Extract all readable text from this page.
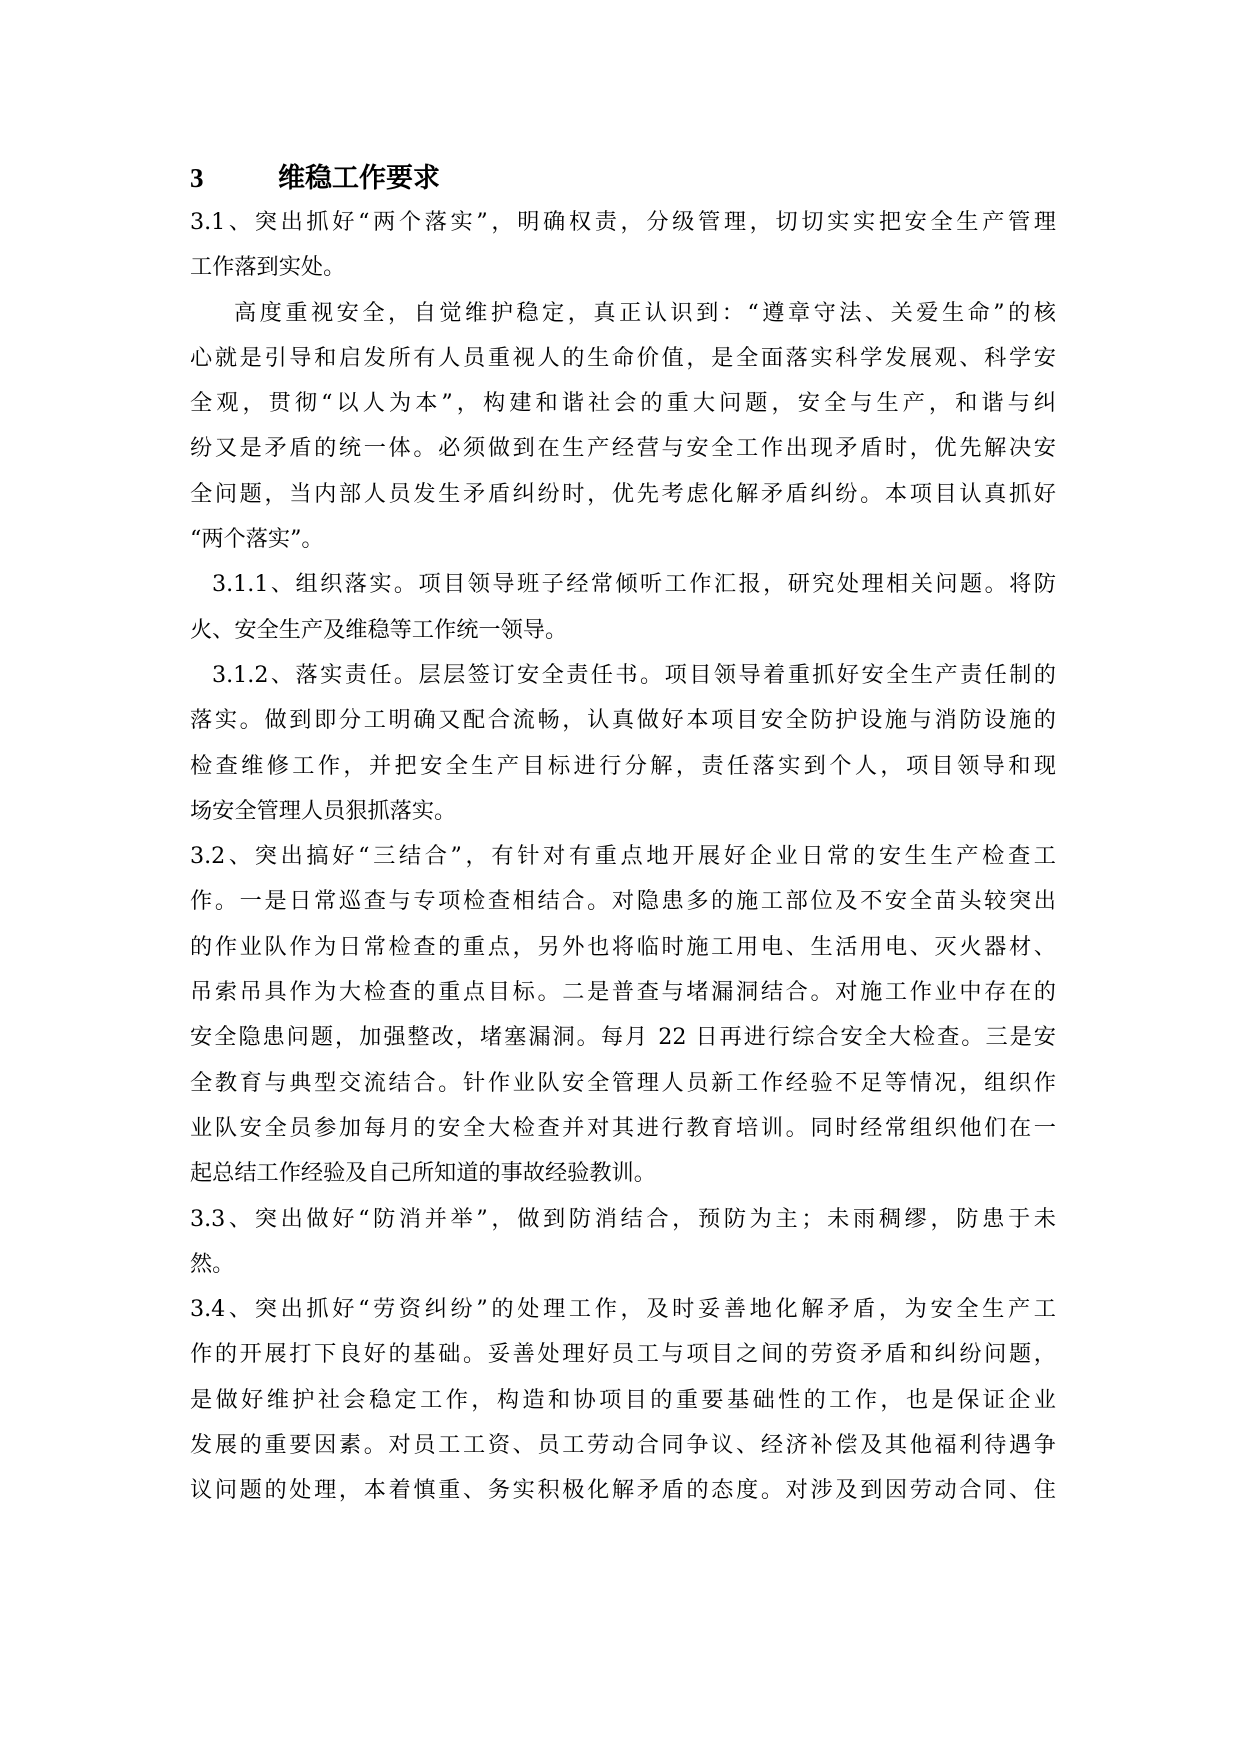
3	维稳工作要求
3.1、突出抓好“两个落实”，明确权责，分级管理，切切实实把安全生产管理
工作落到实处。
高度重视安全，自觉维护稳定，真正认识到：“遵章守法、关爱生命”的核
心就是引导和启发所有人员重视人的生命价值，是全面落实科学发展观、科学安
全观，贯彻“以人为本”，构建和谐社会的重大问题，安全与生产，和谐与纠
纷又是矛盾的统一体。必须做到在生产经营与安全工作出现矛盾时，优先解决安
全问题，当内部人员发生矛盾纠纷时，优先考虑化解矛盾纠纷。本项目认真抓好
“两个落实”。
3.1.1、组织落实。项目领导班子经常倾听工作汇报，研究处理相关问题。将防
火、安全生产及维稳等工作统一领导。
3.1.2、落实责任。层层签订安全责任书。项目领导着重抓好安全生产责任制的
落实。做到即分工明确又配合流畅，认真做好本项目安全防护设施与消防设施的
检查维修工作，并把安全生产目标进行分解，责任落实到个人，项目领导和现
场安全管理人员狠抓落实。
3.2、突出搞好“三结合”，有针对有重点地开展好企业日常的安生生产检查工
作。一是日常巡查与专项检查相结合。对隐患多的施工部位及不安全苗头较突出
的作业队作为日常检查的重点，另外也将临时施工用电、生活用电、灭火器材、
吊索吊具作为大检查的重点目标。二是普查与堵漏洞结合。对施工作业中存在的
安全隐患问题，加强整改，堵塞漏洞。每月 22 日再进行综合安全大检查。三是安
全教育与典型交流结合。针作业队安全管理人员新工作经验不足等情况，组织作
业队安全员参加每月的安全大检查并对其进行教育培训。同时经常组织他们在一
起总结工作经验及自己所知道的事故经验教训。
3.3、突出做好“防消并举”，做到防消结合，预防为主；未雨稠缪，防患于未
然。
3.4、突出抓好“劳资纠纷”的处理工作，及时妥善地化解矛盾，为安全生产工
作的开展打下良好的基础。妥善处理好员工与项目之间的劳资矛盾和纠纷问题，
是做好维护社会稳定工作，构造和协项目的重要基础性的工作，也是保证企业
发展的重要因素。对员工工资、员工劳动合同争议、经济补偿及其他福利待遇争
议问题的处理，本着慎重、务实积极化解矛盾的态度。对涉及到因劳动合同、住
